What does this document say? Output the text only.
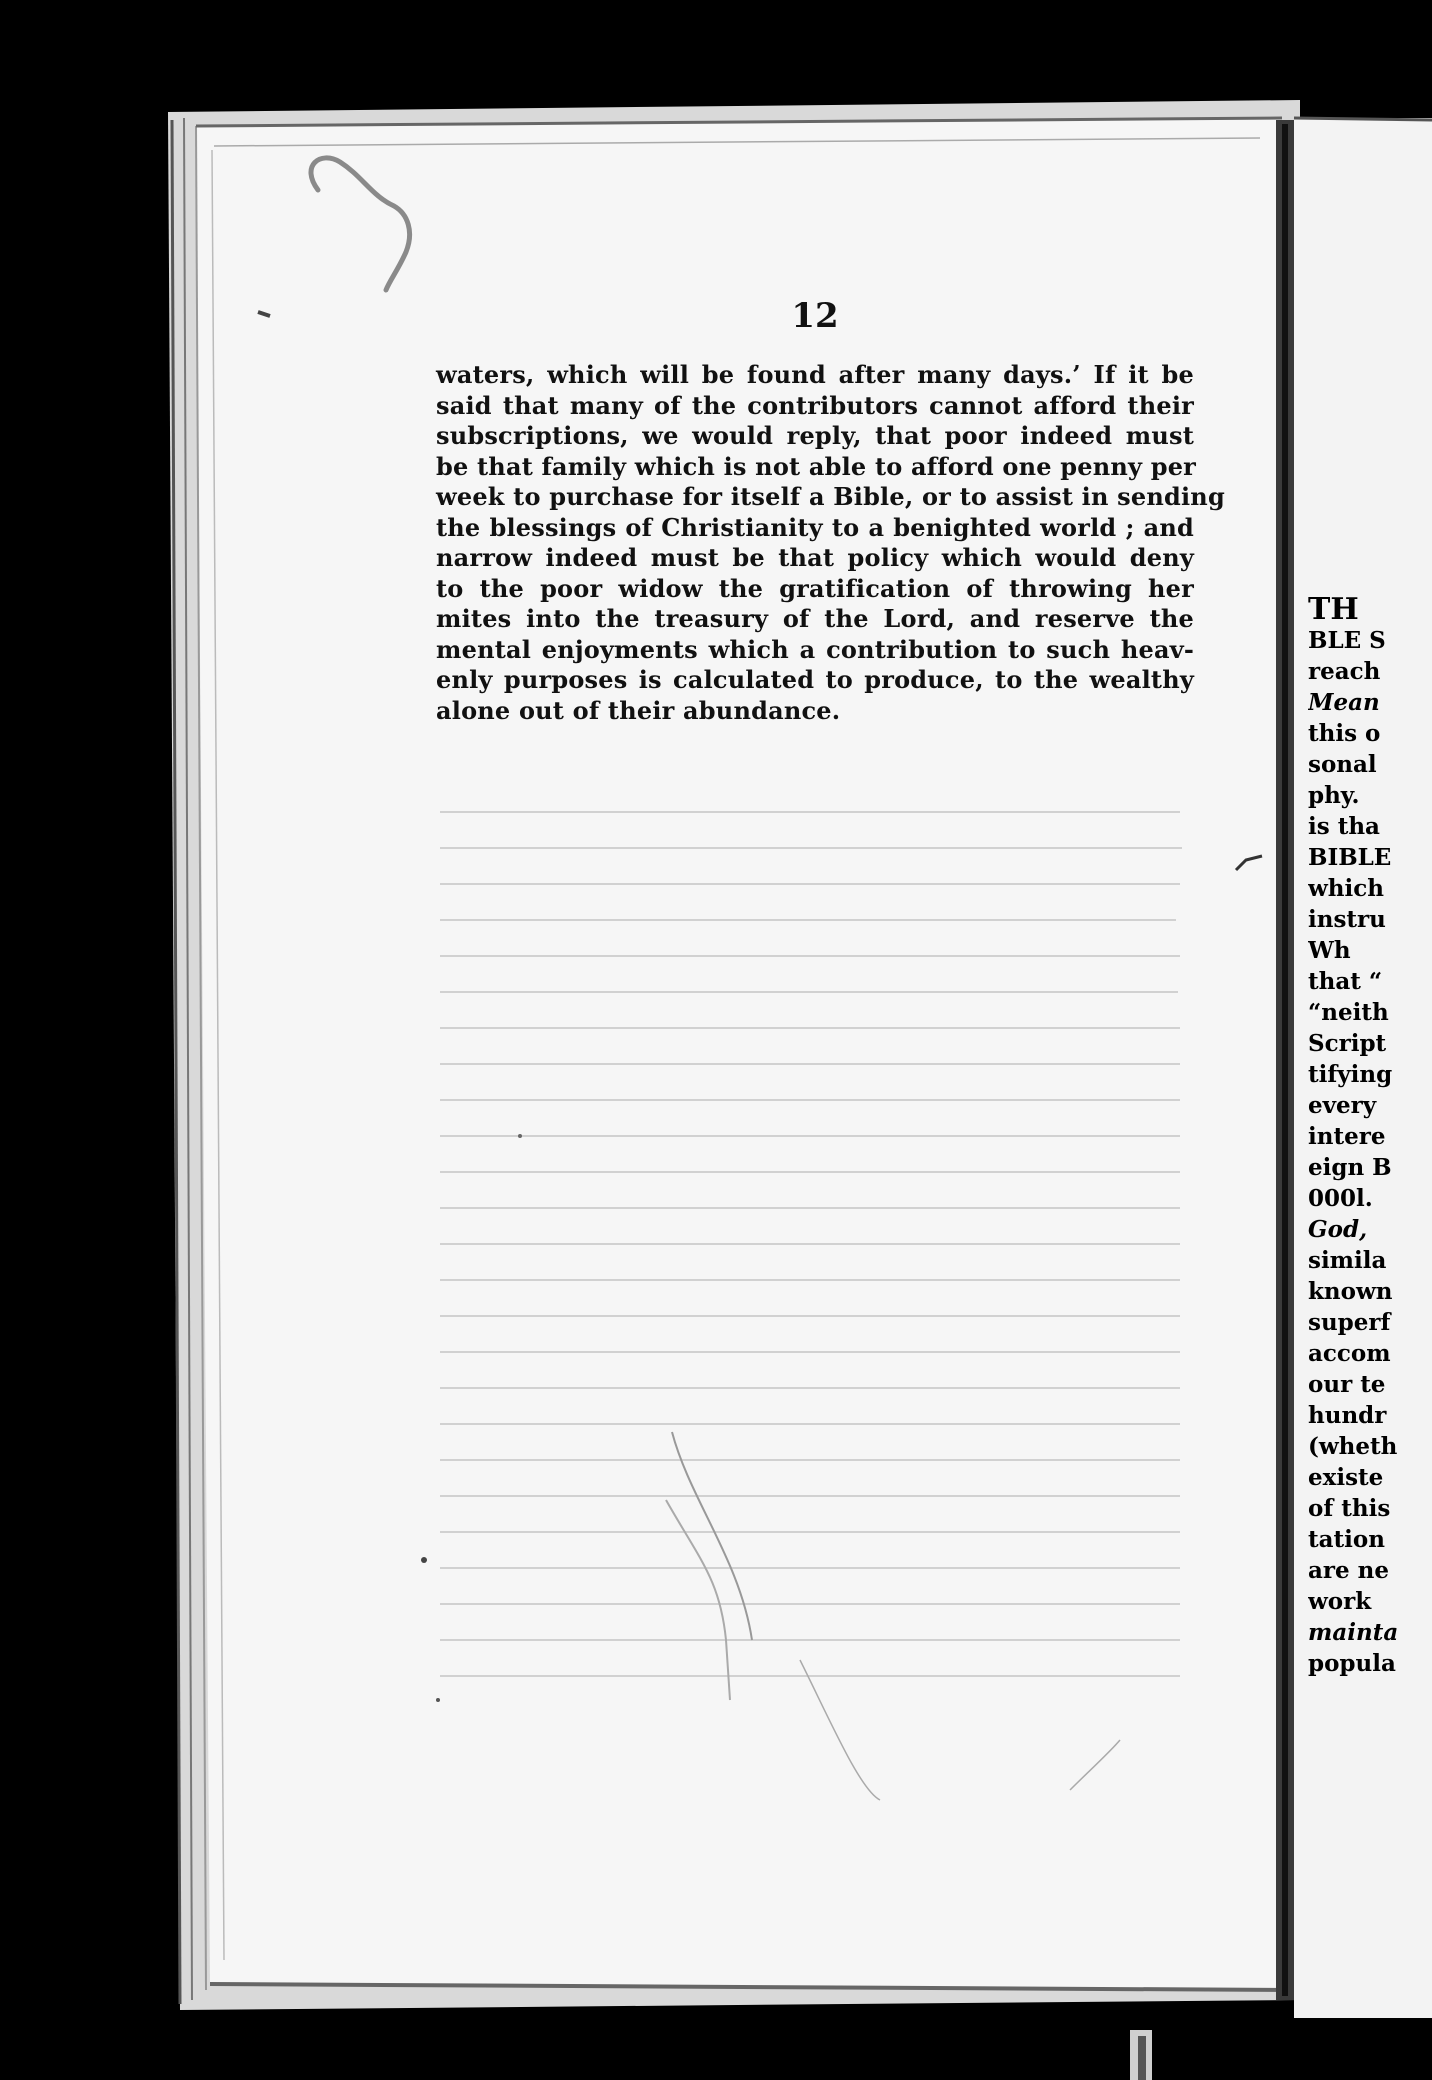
12
waters, which will be found after many days.’ If it be
said that many of the contributors cannot afford their
subscriptions, we would reply, that poor indeed must
be that family which is not able to afford one penny per
week to purchase for itself a Bible, or to assist in sending
the blessings of Christianity to a benighted world ; and
narrow indeed must be that policy which would deny
to the poor widow the gratification of throwing her
mites into the treasury of the Lord, and reserve the
mental enjoyments which a contribution to such heav-
enly purposes is calculated to produce, to the wealthy
alone out of their abundance.
TH
BLE S
reach
Mean
this o
sonal
phy.
is tha
BIBLE
which
instru
Wh
that “
“neith
Script
tifying
every
intere
eign B
000l.
God,
simila
known
superf
accom
our te
hundr
(wheth
existe
of this
tation
are ne
work
mainta
popula
